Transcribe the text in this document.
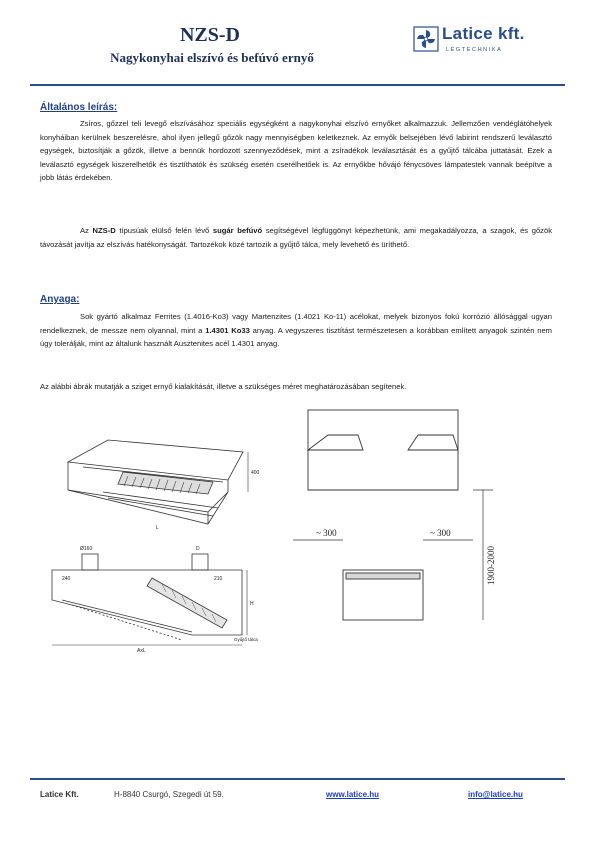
NZS-D
Nagykonyhai elszívó és befúvó ernyő
Latice kft.
LÉGTECHNIKA
Általános leírás:
Zsíros, gőzzel teli levegő elszívásához speciális egységként a nagykonyhai elszívó ernyőket alkalmazzuk. Jellemzően vendéglátóhelyek konyháiban kerülnek beszerelésre, ahol ilyen jellegű gőzök nagy mennyiségben keletkeznek. Az ernyők belsejében lévő labirint rendszerű leválasztó egységek, biztosítják a gőzök, illetve a bennük hordozott szennyeződések, mint a zsíradékok leválasztását és a gyűjtő tálcába juttatását. Ezek a leválasztó egységek kiszerelhetők és tisztíthatók és szükség esetén cserélhetőek is. Az ernyőkbe hővájó fénycsöves lámpatestek vannak beépítve a jobb látás érdekében.
Az NZS-D típusúak elülső felén lévő sugár befúvó segítségével légfüggönyt képezhetünk, ami megakadályozza, a szagok, és gőzök távozását javítja az elszívás hatékonyságát. Tartozékok közé tartozik a gyűjtő tálca, mely levehető és üríthető.
Anyaga:
Sok gyártó alkalmaz Ferrites (1.4016-Ko3) vagy Martenzites (1.4021 Ko-11) acélokat, melyek bizonyos fokú korrózió állósággal ugyan rendelkeznek, de messze nem olyannal, mint a 1.4301 Ko33 anyag. A vegyszeres tisztítást természetesen a korábban említett anyagok szintén nem úgy tolerálják, mint az általunk használt Ausztenites acél 1.4301 anyag.
Az alábbi ábrák mutatják a sziget ernyő kialakítását, illetve a szükséges méret meghatározásában segítenek.
400
L
Ø160	D
240	210
AxL
H
Gyűjtő tálca
~ 300	~ 300
1900-2000
Latice Kft.	H-8840 Csurgó, Szegedi út 59.	www.latice.hu	info@latice.hu
